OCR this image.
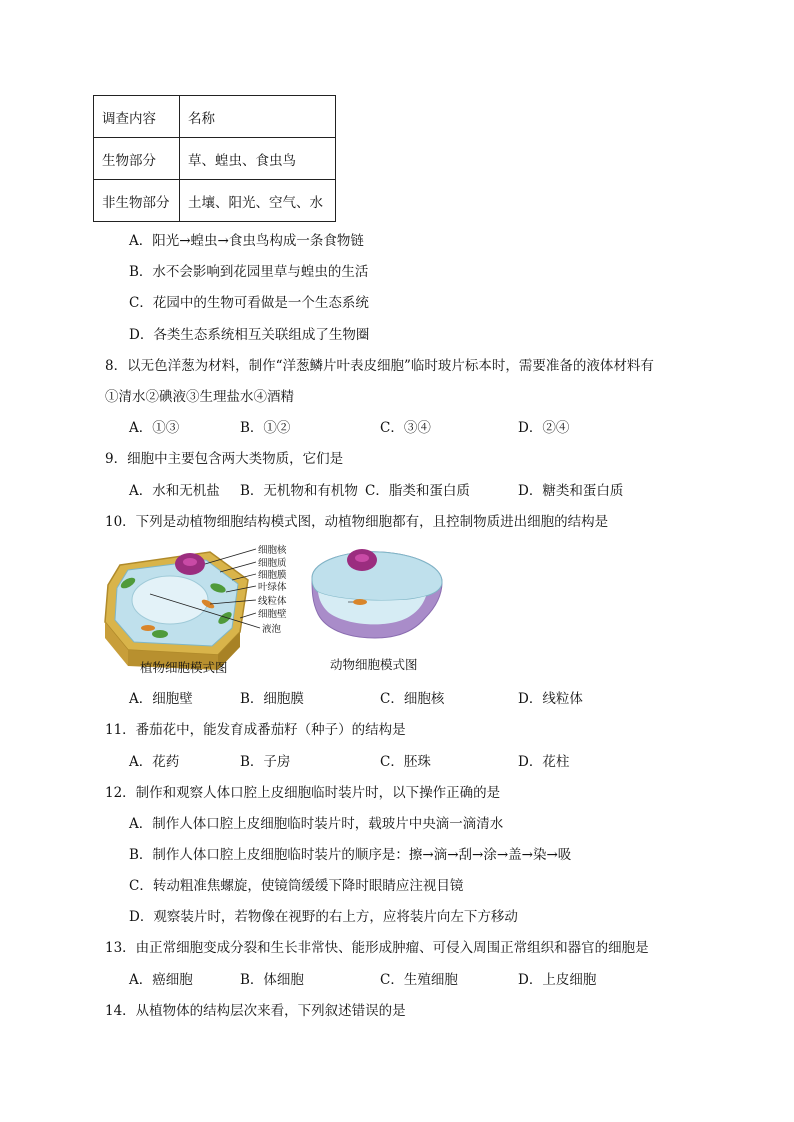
调查内容	名称
生物部分	草、蝗虫、食虫鸟
非生物部分	土壤、阳光、空气、水
A．阳光→蝗虫→食虫鸟构成一条食物链
B．水不会影响到花园里草与蝗虫的生活
C．花园中的生物可看做是一个生态系统
D．各类生态系统相互关联组成了生物圈
8．以无色洋葱为材料，制作“洋葱鳞片叶表皮细胞”临时玻片标本时，需要准备的液体材料有
①清水②碘液③生理盐水④酒精
A．①③	B．①②	C．③④	D．②④
9．细胞中主要包含两大类物质，它们是
A．水和无机盐 B．无机物和有机物 C．脂类和蛋白质	D．糖类和蛋白质
10．下列是动植物细胞结构模式图，动植物细胞都有，且控制物质进出细胞的结构是
细胞核
细胞质
细胞膜
叶绿体
线粒体
细胞壁
液泡
植物细胞模式图	动物细胞模式图
A．细胞壁	B．细胞膜	C．细胞核	D．线粒体
11．番茄花中，能发育成番茄籽（种子）的结构是
A．花药	B．子房	C．胚珠	D．花柱
12．制作和观察人体口腔上皮细胞临时装片时，以下操作正确的是
A．制作人体口腔上皮细胞临时装片时，载玻片中央滴一滴清水
B．制作人体口腔上皮细胞临时装片的顺序是：擦→滴→刮→涂→盖→染→吸
C．转动粗准焦螺旋，使镜筒缓缓下降时眼睛应注视目镜
D．观察装片时，若物像在视野的右上方，应将装片向左下方移动
13．由正常细胞变成分裂和生长非常快、能形成肿瘤、可侵入周围正常组织和器官的细胞是
A．癌细胞	B．体细胞	C．生殖细胞	D．上皮细胞
14．从植物体的结构层次来看，下列叙述错误的是
